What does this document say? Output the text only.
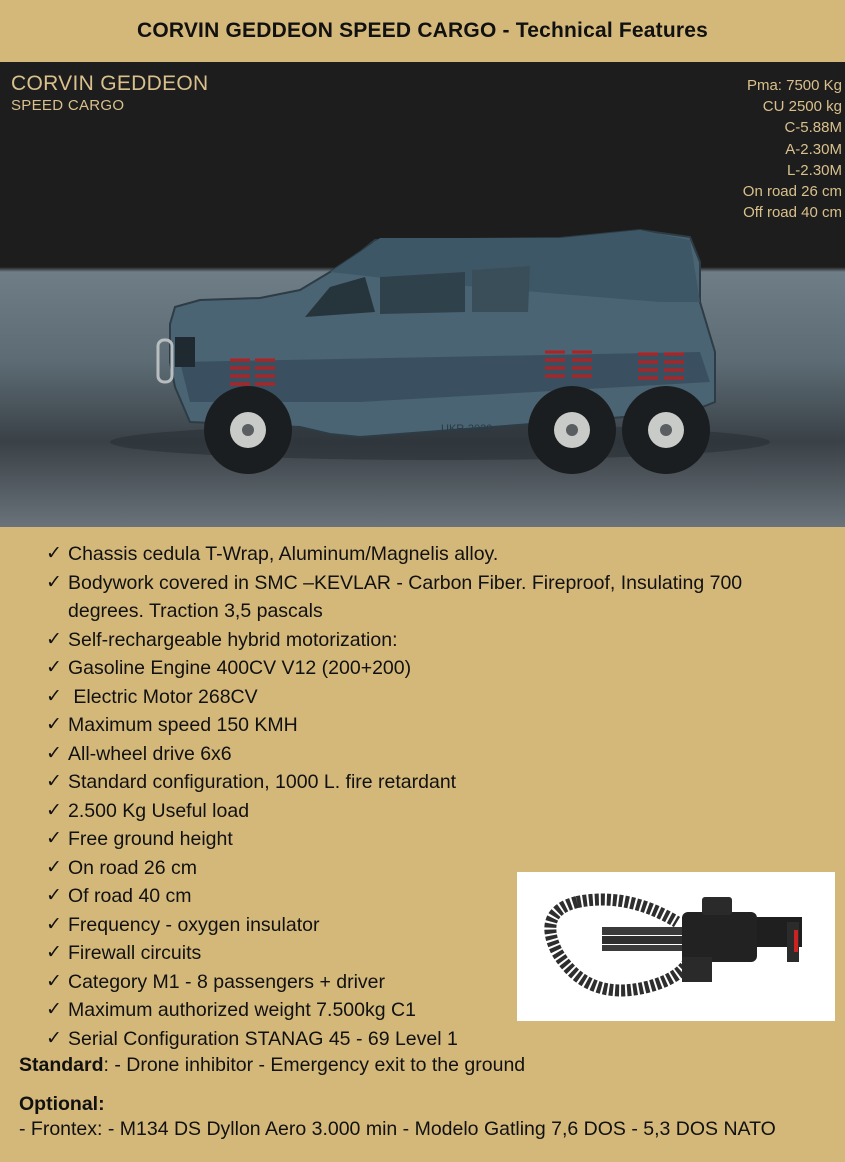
CORVIN GEDDEON SPEED CARGO - Technical Features
UKR-2020
CORVIN GEDDEON
SPEED CARGO
Pma: 7500 Kg
CU 2500 kg
C-5.88M
A-2.30M
L-2.30M
On road 26 cm
Off road 40 cm
✓ Chassis cedula T-Wrap, Aluminum/Magnelis alloy.
✓ Bodywork covered in SMC –KEVLAR - Carbon Fiber. Fireproof, Insulating 700 degrees. Traction 3,5 pascals
✓ Self-rechargeable hybrid motorization:
✓ Gasoline Engine 400CV V12 (200+200)
✓ Electric Motor 268CV
✓ Maximum speed 150 KMH
✓ All-wheel drive 6x6
✓ Standard configuration, 1000 L. fire retardant
✓ 2.500 Kg Useful load
✓ Free ground height
✓ On road 26 cm
✓ Of road 40 cm
✓ Frequency - oxygen insulator
✓ Firewall circuits
✓ Category M1 - 8 passengers + driver
✓ Maximum authorized weight 7.500kg C1
✓ Serial Configuration STANAG 45 - 69 Level 1
Standard: - Drone inhibitor - Emergency exit to the ground
Optional:
- Frontex: - M134 DS Dyllon Aero 3.000 min - Modelo Gatling 7,6 DOS - 5,3 DOS NATO
